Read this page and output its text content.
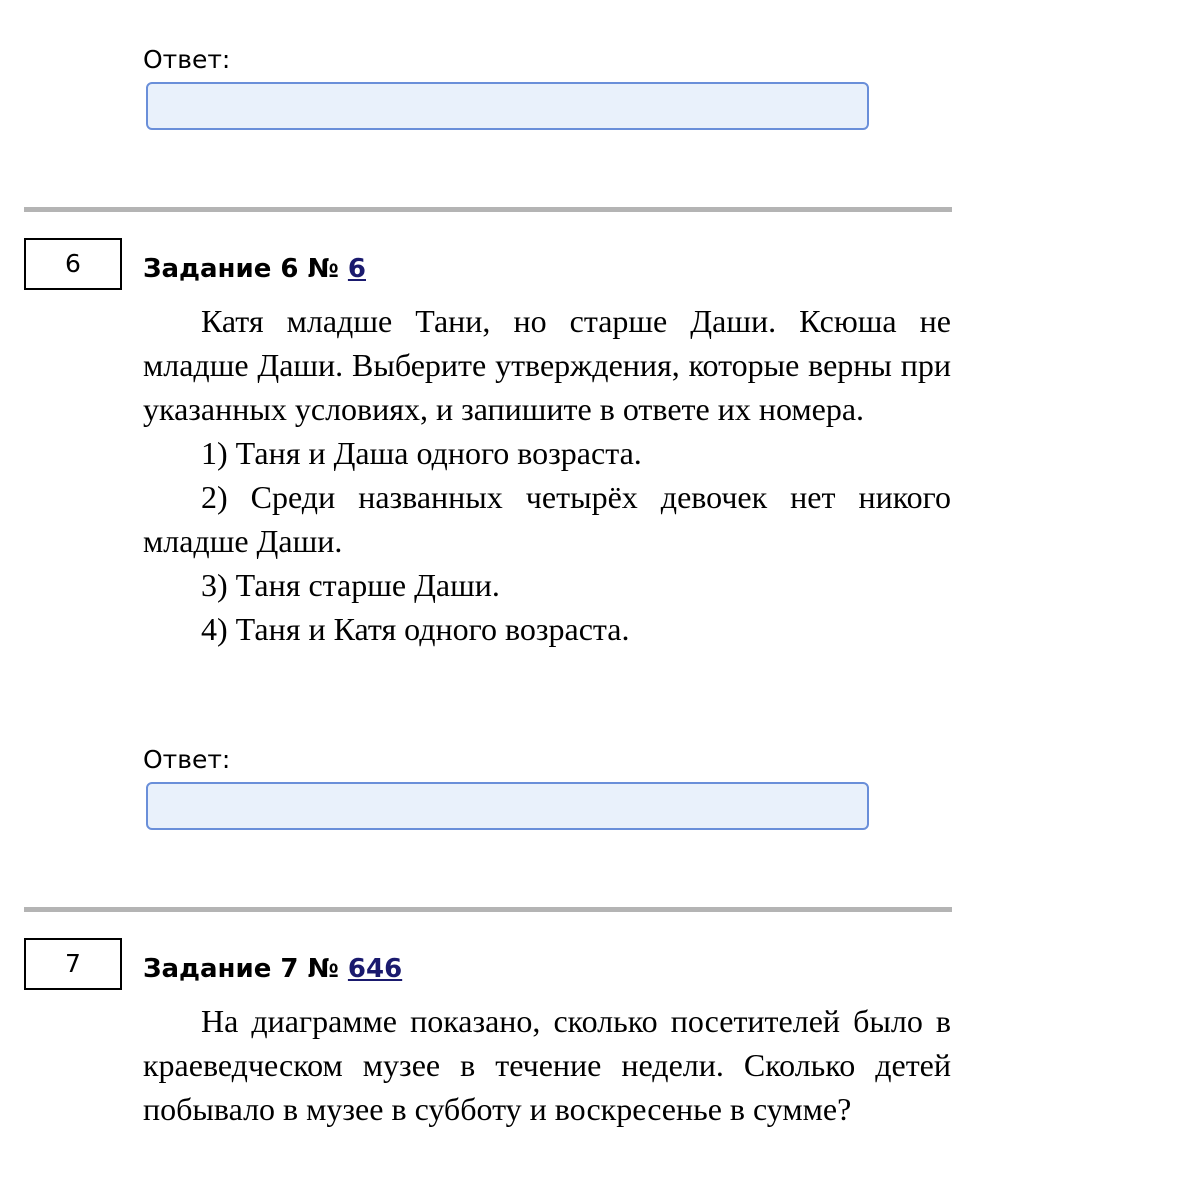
Ответ:
6	Задание 6 № 6

Катя младше Тани, но старше Даши. Ксюша не младше Даши. Выберите утверждения, которые верны при указанных условиях, и запишите в ответе их номера.

1) Таня и Даша одного возраста.

2) Среди названных четырёх девочек нет никого младше Даши.

3) Таня старше Даши.

4) Таня и Катя одного возраста.

Ответ:
7	Задание 7 № 646

На диаграмме показано, сколько посетителей было в краеведческом музее в течение недели. Сколько детей побывало в музее в субботу и воскресенье в сумме?
